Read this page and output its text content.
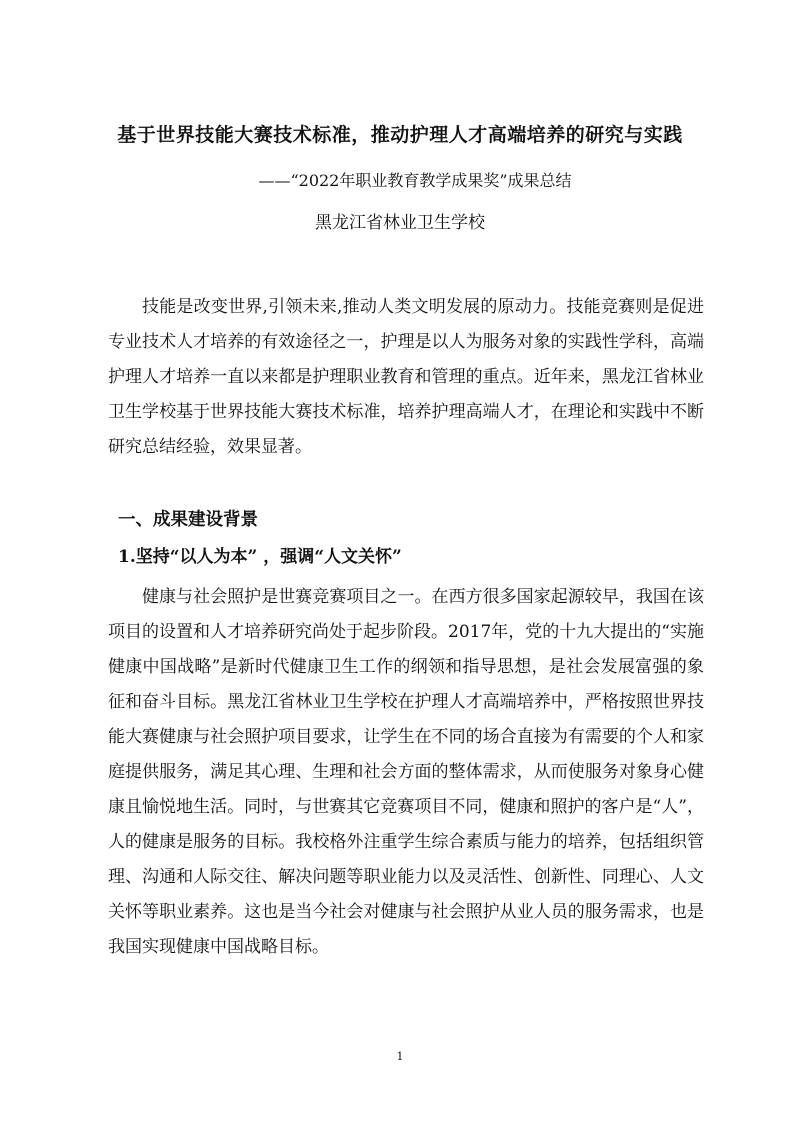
基于世界技能大赛技术标准，推动护理人才高端培养的研究与实践
——“2022年职业教育教学成果奖”成果总结
黑龙江省林业卫生学校

技能是改变世界,引领未来,推动人类文明发展的原动力。技能竞赛则是促进专业技术人才培养的有效途径之一，护理是以人为服务对象的实践性学科，高端护理人才培养一直以来都是护理职业教育和管理的重点。近年来，黑龙江省林业卫生学校基于世界技能大赛技术标准，培养护理高端人才，在理论和实践中不断研究总结经验，效果显著。

一、成果建设背景
1.坚持“以人为本” ，强调“人文关怀”

健康与社会照护是世赛竞赛项目之一。在西方很多国家起源较早，我国在该项目的设置和人才培养研究尚处于起步阶段。2017年，党的十九大提出的“实施健康中国战略”是新时代健康卫生工作的纲领和指导思想，是社会发展富强的象征和奋斗目标。黑龙江省林业卫生学校在护理人才高端培养中，严格按照世界技能大赛健康与社会照护项目要求，让学生在不同的场合直接为有需要的个人和家庭提供服务，满足其心理、生理和社会方面的整体需求，从而使服务对象身心健康且愉悦地生活。同时，与世赛其它竞赛项目不同，健康和照护的客户是“人”，人的健康是服务的目标。我校格外注重学生综合素质与能力的培养，包括组织管理、沟通和人际交往、解决问题等职业能力以及灵活性、创新性、同理心、人文关怀等职业素养。这也是当今社会对健康与社会照护从业人员的服务需求，也是我国实现健康中国战略目标。

1
